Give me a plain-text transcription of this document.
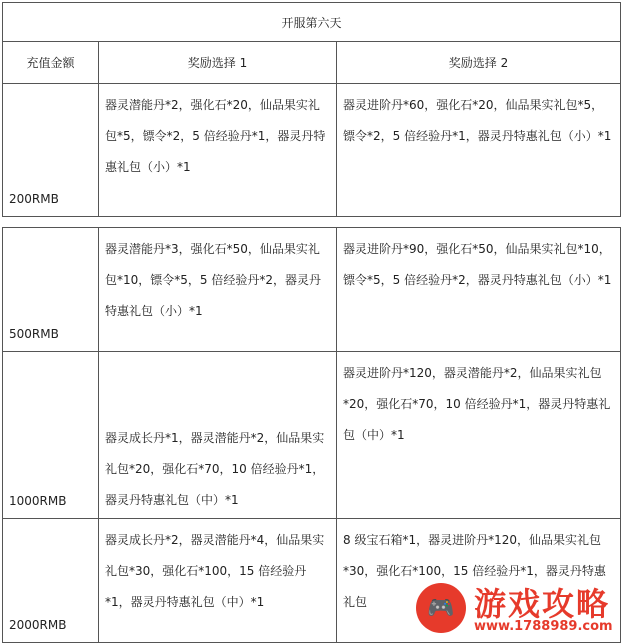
开服第六天		
充值金额	奖励选择 1	奖励选择 2
200RMB	器灵潜能丹*2，强化石*20，仙品果实礼包*5，镖令*2，5 倍经验丹*1，器灵丹特惠礼包（小）*1	器灵进阶丹*60，强化石*20，仙品果实礼包*5，镖令*2，5 倍经验丹*1，器灵丹特惠礼包（小）*1

500RMB	器灵潜能丹*3，强化石*50，仙品果实礼包*10，镖令*5，5 倍经验丹*2，器灵丹特惠礼包（小）*1	器灵进阶丹*90，强化石*50，仙品果实礼包*10，镖令*5，5 倍经验丹*2，器灵丹特惠礼包（小）*1
1000RMB	器灵成长丹*1，器灵潜能丹*2，仙品果实礼包*20，强化石*70，10 倍经验丹*1，器灵丹特惠礼包（中）*1	器灵进阶丹*120，器灵潜能丹*2，仙品果实礼包*20，强化石*70，10 倍经验丹*1，器灵丹特惠礼包（中）*1
2000RMB	器灵成长丹*2，器灵潜能丹*4，仙品果实礼包*30，强化石*100，15 倍经验丹*1，器灵丹特惠礼包（中）*1	8 级宝石箱*1，器灵进阶丹*120，仙品果实礼包*30，强化石*100，15 倍经验丹*1，器灵丹特惠礼包	🎮 游戏攻略
www.1788989.com
